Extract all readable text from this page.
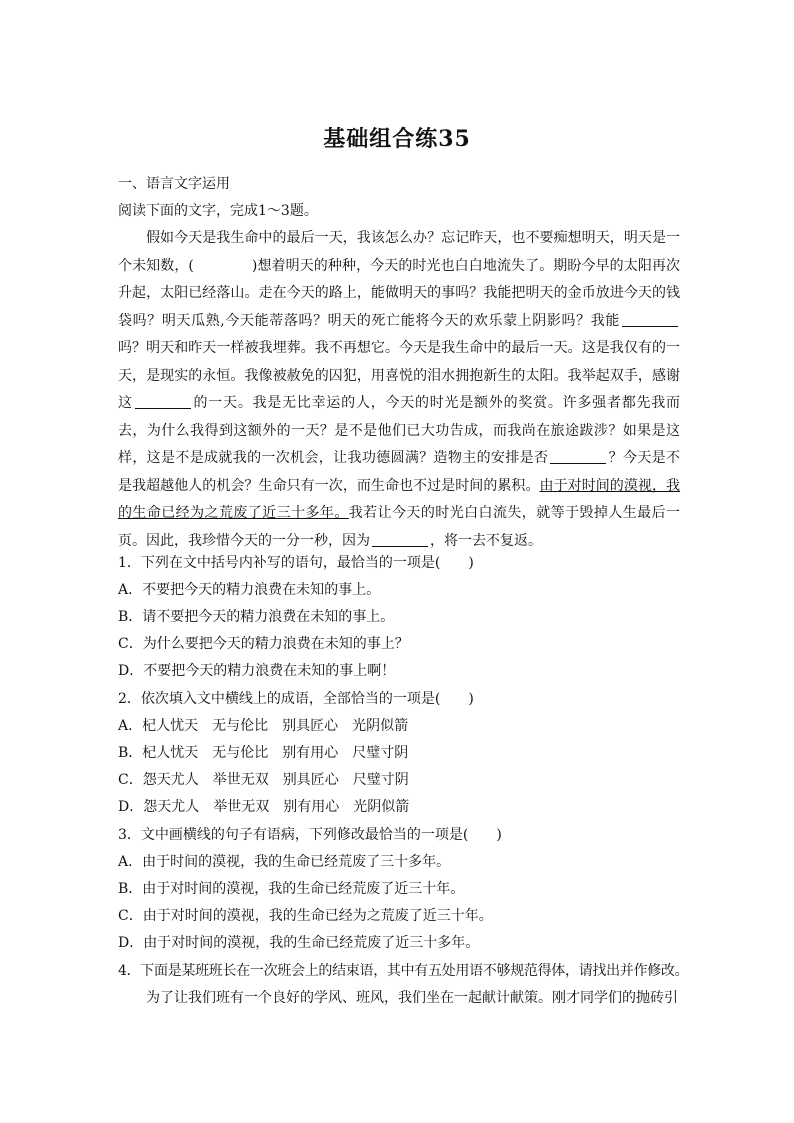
基础组合练35
一、语言文字运用
阅读下面的文字，完成1～3题。

假如今天是我生命中的最后一天，我该怎么办？忘记昨天，也不要痴想明天，明天是一个未知数，(	)想着明天的种种，今天的时光也白白地流失了。期盼今早的太阳再次升起，太阳已经落山。走在今天的路上，能做明天的事吗？我能把明天的金币放进今天的钱袋吗？明天瓜熟,今天能蒂落吗？明天的死亡能将今天的欢乐蒙上阴影吗？我能吗？明天和昨天一样被我埋葬。我不再想它。今天是我生命中的最后一天。这是我仅有的一天，是现实的永恒。我像被赦免的囚犯，用喜悦的泪水拥抱新生的太阳。我举起双手，感谢这	的一天。我是无比幸运的人，今天的时光是额外的奖赏。许多强者都先我而去，为什么我得到这额外的一天？是不是他们已大功告成，而我尚在旅途跋涉？如果是这样，这是不是成就我的一次机会，让我功德圆满？造物主的安排是否	？今天是不是我超越他人的机会？生命只有一次，而生命也不过是时间的累积。由于对时间的漠视，我的生命已经为之荒废了近三十多年。我若让今天的时光白白流失，就等于毁掉人生最后一页。因此，我珍惜今天的一分一秒，因为	，将一去不复返。

1．下列在文中括号内补写的语句，最恰当的一项是(　　)
A．不要把今天的精力浪费在未知的事上。
B．请不要把今天的精力浪费在未知的事上。
C．为什么要把今天的精力浪费在未知的事上？
D．不要把今天的精力浪费在未知的事上啊！
2．依次填入文中横线上的成语，全部恰当的一项是(　　)
A．杞人忧天　无与伦比　别具匠心　光阴似箭
B．杞人忧天　无与伦比　别有用心　尺璧寸阴
C．怨天尤人　举世无双　别具匠心　尺璧寸阴
D．怨天尤人　举世无双　别有用心　光阴似箭
3．文中画横线的句子有语病，下列修改最恰当的一项是(　　)
A．由于时间的漠视，我的生命已经荒废了三十多年。
B．由于对时间的漠视，我的生命已经荒废了近三十年。
C．由于对时间的漠视，我的生命已经为之荒废了近三十年。
D．由于对时间的漠视，我的生命已经荒废了近三十多年。
4．下面是某班班长在一次班会上的结束语，其中有五处用语不够规范得体，请找出并作修改。
为了让我们班有一个良好的学风、班风，我们坐在一起献计献策。刚才同学们的抛砖引
